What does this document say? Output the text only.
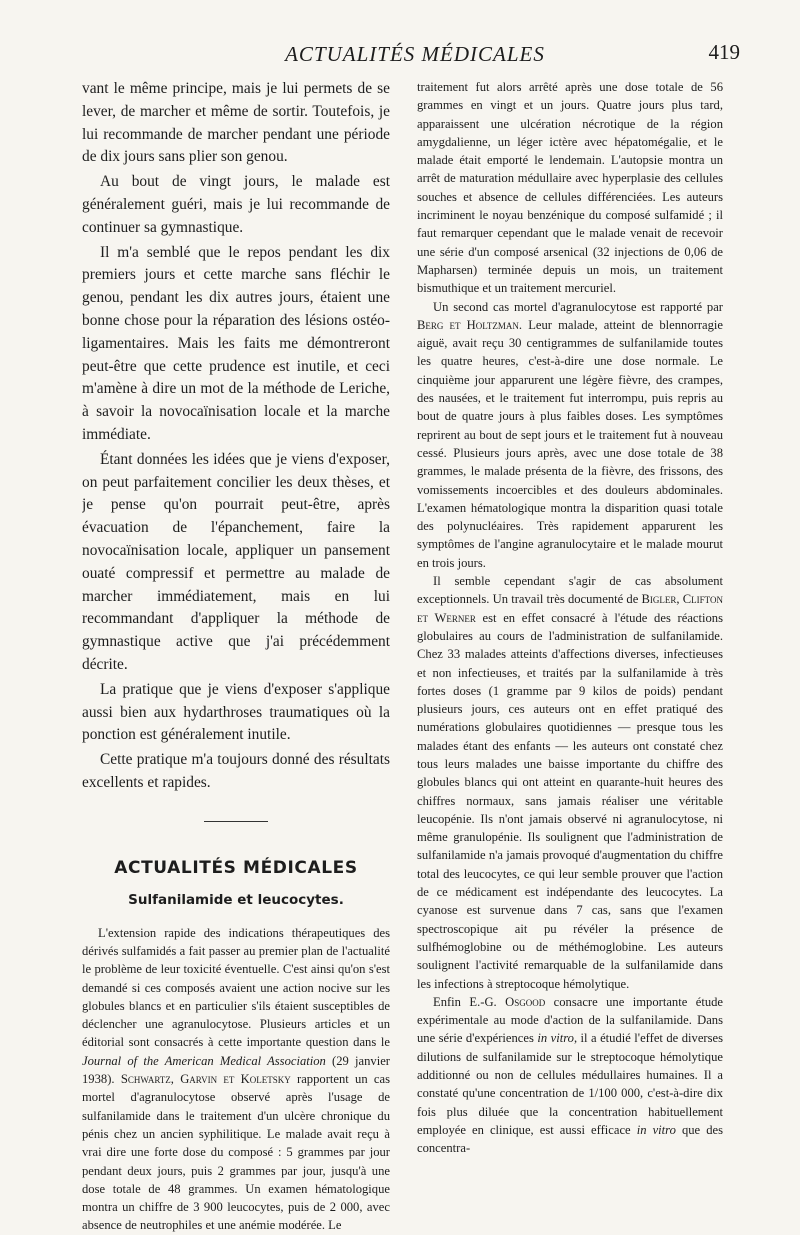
ACTUALITÉS MÉDICALES	419

vant le même principe, mais je lui permets de se lever, de marcher et même de sortir. Toutefois, je lui recommande de marcher pendant une période de dix jours sans plier son genou.

Au bout de vingt jours, le malade est généralement guéri, mais je lui recommande de continuer sa gymnastique.

Il m'a semblé que le repos pendant les dix premiers jours et cette marche sans fléchir le genou, pendant les dix autres jours, étaient une bonne chose pour la réparation des lésions ostéo-ligamentaires. Mais les faits me démontreront peut-être que cette prudence est inutile, et ceci m'amène à dire un mot de la méthode de Leriche, à savoir la novocaïnisation locale et la marche immédiate.

Étant données les idées que je viens d'exposer, on peut parfaitement concilier les deux thèses, et je pense qu'on pourrait peut-être, après évacuation de l'épanchement, faire la novocaïnisation locale, appliquer un pansement ouaté compressif et permettre au malade de marcher immédiatement, mais en lui recommandant d'appliquer la méthode de gymnastique active que j'ai précédemment décrite.

La pratique que je viens d'exposer s'applique aussi bien aux hydarthroses traumatiques où la ponction est généralement inutile.

Cette pratique m'a toujours donné des résultats excellents et rapides.

ACTUALITÉS MÉDICALES
Sulfanilamide et leucocytes.

L'extension rapide des indications thérapeutiques des dérivés sulfamidés a fait passer au premier plan de l'actualité le problème de leur toxicité éventuelle. C'est ainsi qu'on s'est demandé si ces composés avaient une action nocive sur les globules blancs et en particulier s'ils étaient susceptibles de déclencher une agranulocytose. Plusieurs articles et un éditorial sont consacrés à cette importante question dans le Journal of the American Medical Association (29 janvier 1938). Schwartz, Garvin et Koletsky rapportent un cas mortel d'agranulocytose observé après l'usage de sulfanilamide dans le traitement d'un ulcère chronique du pénis chez un ancien syphilitique. Le malade avait reçu à vrai dire une forte dose du composé : 5 grammes par jour pendant deux jours, puis 2 grammes par jour, jusqu'à une dose totale de 48 grammes. Un examen hématologique montra un chiffre de 3 900 leucocytes, puis de 2 000, avec absence de neutrophiles et une anémie modérée. Le

traitement fut alors arrêté après une dose totale de 56 grammes en vingt et un jours. Quatre jours plus tard, apparaissent une ulcération nécrotique de la région amygdalienne, un léger ictère avec hépatomégalie, et le malade était emporté le lendemain. L'autopsie montra un arrêt de maturation médullaire avec hyperplasie des cellules souches et absence de cellules différenciées. Les auteurs incriminent le noyau benzénique du composé sulfamidé ; il faut remarquer cependant que le malade venait de recevoir une série d'un composé arsenical (32 injections de 0,06 de Mapharsen) terminée depuis un mois, un traitement bismuthique et un traitement mercuriel.

Un second cas mortel d'agranulocytose est rapporté par Berg et Holtzman. Leur malade, atteint de blennorragie aiguë, avait reçu 30 centigrammes de sulfanilamide toutes les quatre heures, c'est-à-dire une dose normale. Le cinquième jour apparurent une légère fièvre, des crampes, des nausées, et le traitement fut interrompu, puis repris au bout de quatre jours à plus faibles doses. Les symptômes reprirent au bout de sept jours et le traitement fut à nouveau cessé. Plusieurs jours après, avec une dose totale de 38 grammes, le malade présenta de la fièvre, des frissons, des vomissements incoercibles et des douleurs abdominales. L'examen hématologique montra la disparition quasi totale des polynucléaires. Très rapidement apparurent les symptômes de l'angine agranulocytaire et le malade mourut en trois jours.

Il semble cependant s'agir de cas absolument exceptionnels. Un travail très documenté de Bigler, Clifton et Werner est en effet consacré à l'étude des réactions globulaires au cours de l'administration de sulfanilamide. Chez 33 malades atteints d'affections diverses, infectieuses et non infectieuses, et traités par la sulfanilamide à très fortes doses (1 gramme par 9 kilos de poids) pendant plusieurs jours, ces auteurs ont en effet pratiqué des numérations globulaires quotidiennes — presque tous les malades étant des enfants — les auteurs ont constaté chez tous leurs malades une baisse importante du chiffre des globules blancs qui ont atteint en quarante-huit heures des chiffres normaux, sans jamais réaliser une véritable leucopénie. Ils n'ont jamais observé ni agranulocytose, ni même granulopénie. Ils soulignent que l'administration de sulfanilamide n'a jamais provoqué d'augmentation du chiffre total des leucocytes, ce qui leur semble prouver que l'action de ce médicament est indépendante des leucocytes. La cyanose est survenue dans 7 cas, sans que l'examen spectroscopique ait pu révéler la présence de sulfhémoglobine ou de méthémoglobine. Les auteurs soulignent l'activité remarquable de la sulfanilamide dans les infections à streptocoque hémolytique.

Enfin E.-G. Osgood consacre une importante étude expérimentale au mode d'action de la sulfanilamide. Dans une série d'expériences in vitro, il a étudié l'effet de diverses dilutions de sulfanilamide sur le streptocoque hémolytique additionné ou non de cellules médullaires humaines. Il a constaté qu'une concentration de 1/100 000, c'est-à-dire dix fois plus diluée que la concentration habituellement employée en clinique, est aussi efficace in vitro que des concentra-
